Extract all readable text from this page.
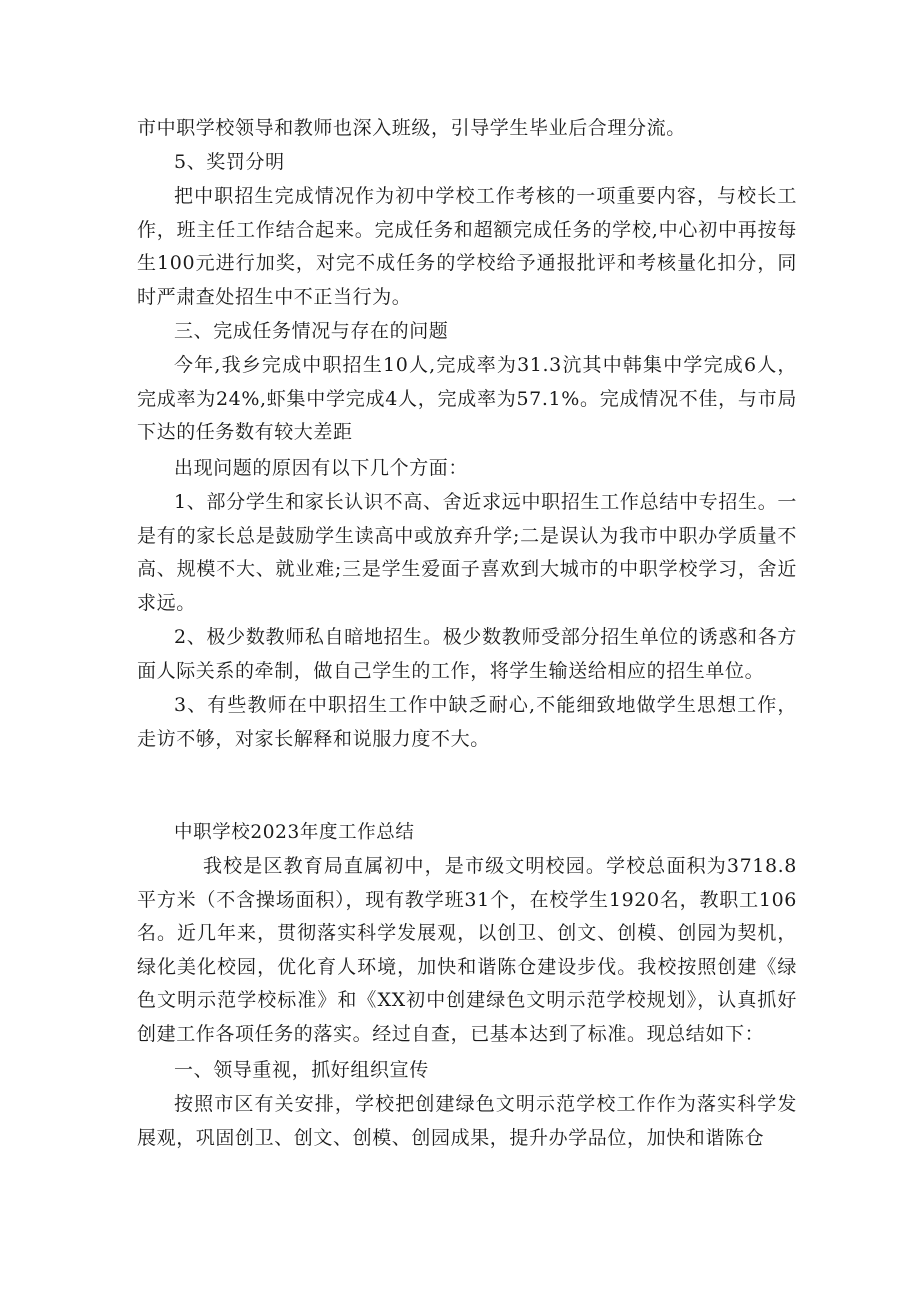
市中职学校领导和教师也深入班级，引导学生毕业后合理分流。

5、奖罚分明

把中职招生完成情况作为初中学校工作考核的一项重要内容，与校长工作，班主任工作结合起来。完成任务和超额完成任务的学校,中心初中再按每生100元进行加奖，对完不成任务的学校给予通报批评和考核量化扣分，同时严肃查处招生中不正当行为。

三、完成任务情况与存在的问题

今年,我乡完成中职招生10人,完成率为31.3沆其中韩集中学完成6人，完成率为24%,虾集中学完成4人，完成率为57.1%。完成情况不佳，与市局下达的任务数有较大差距

出现问题的原因有以下几个方面：

1、部分学生和家长认识不高、舍近求远中职招生工作总结中专招生。一是有的家长总是鼓励学生读高中或放弃升学;二是误认为我市中职办学质量不高、规模不大、就业难;三是学生爱面子喜欢到大城市的中职学校学习，舍近求远。

2、极少数教师私自暗地招生。极少数教师受部分招生单位的诱惑和各方面人际关系的牵制，做自己学生的工作，将学生输送给相应的招生单位。

3、有些教师在中职招生工作中缺乏耐心,不能细致地做学生思想工作，走访不够，对家长解释和说服力度不大。

中职学校2023年度工作总结

我校是区教育局直属初中，是市级文明校园。学校总面积为3718.8平方米（不含操场面积），现有教学班31个，在校学生1920名，教职工106名。近几年来，贯彻落实科学发展观，以创卫、创文、创模、创园为契机，绿化美化校园，优化育人环境，加快和谐陈仓建设步伐。我校按照创建《绿色文明示范学校标准》和《XX初中创建绿色文明示范学校规划》，认真抓好创建工作各项任务的落实。经过自查，已基本达到了标准。现总结如下：

一、领导重视，抓好组织宣传

按照市区有关安排，学校把创建绿色文明示范学校工作作为落实科学发展观，巩固创卫、创文、创模、创园成果，提升办学品位，加快和谐陈仓
